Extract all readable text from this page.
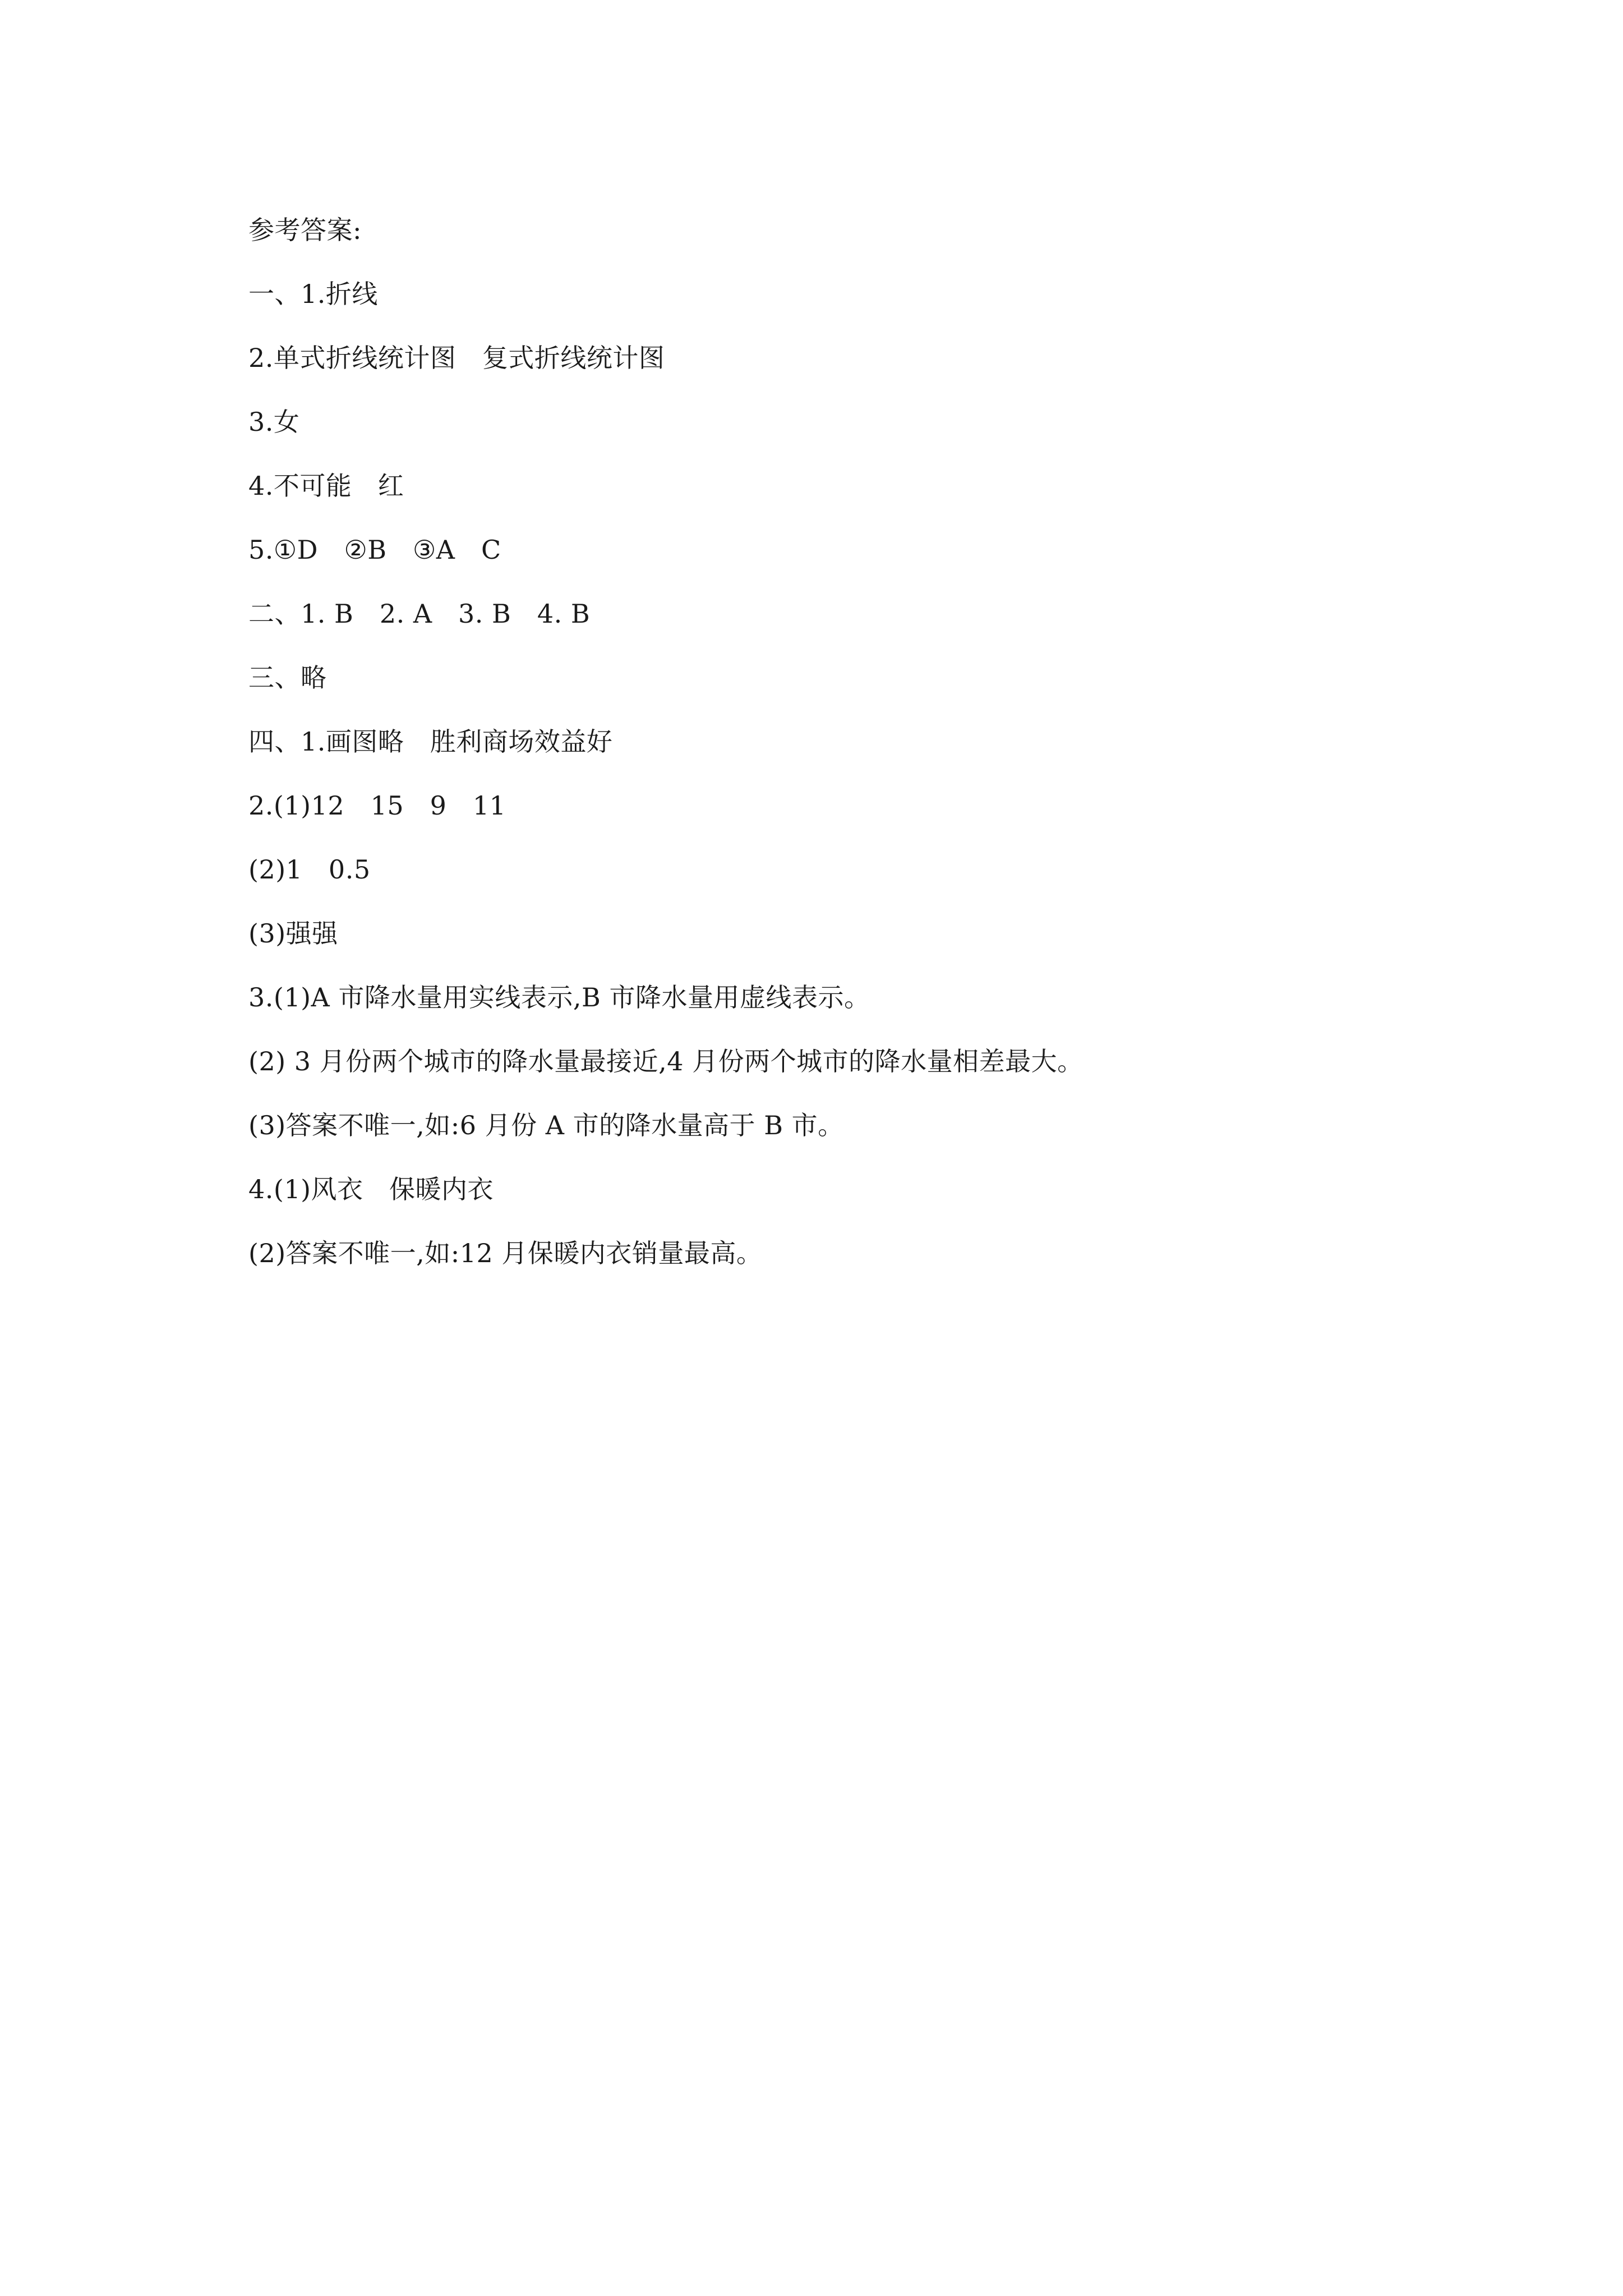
参考答案:
一、1.折线
2.单式折线统计图　复式折线统计图
3.女
4.不可能　红
5.①D　②B　③A　C
二、1. B　2. A　3. B　4. B
三、略
四、1.画图略　胜利商场效益好
2.(1)12　15　9　11
(2)1　0.5
(3)强强
3.(1)A 市降水量用实线表示,B 市降水量用虚线表示。
(2) 3 月份两个城市的降水量最接近,4 月份两个城市的降水量相差最大。
(3)答案不唯一,如:6 月份 A 市的降水量高于 B 市。
4.(1)风衣　保暖内衣
(2)答案不唯一,如:12 月保暖内衣销量最高。
